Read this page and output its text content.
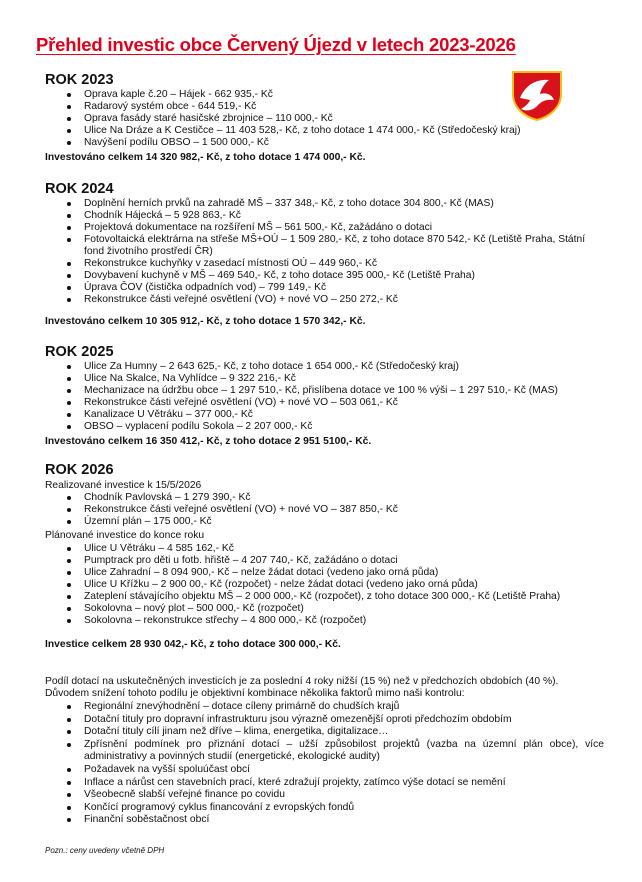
Přehled investic obce Červený Újezd v letech 2023-2026
ROK 2023
Oprava kaple č.20 – Hájek - 662 935,- Kč
Radarový systém obce - 644 519,- Kč
Oprava fasády staré hasičské zbrojnice – 110 000,- Kč
Ulice Na Dráze a K Cestičce – 11 403 528,- Kč, z toho dotace 1 474 000,- Kč (Středočeský kraj)
Navýšení podílu OBSO – 1 500 000,- Kč
Investováno celkem 14 320 982,- Kč, z toho dotace 1 474 000,- Kč.
ROK 2024
Doplnění herních prvků na zahradě MŠ – 337 348,- Kč, z toho dotace 304 800,- Kč (MAS)
Chodník Hájecká – 5 928 863,- Kč
Projektová dokumentace na rozšíření MŠ – 561 500,- Kč, zažádáno o dotaci
Fotovoltaická elektrárna na střeše MŠ+OÚ – 1 509 280,- Kč, z toho dotace 870 542,- Kč (Letiště Praha, Státní fond životního prostředí ČR)
Rekonstrukce kuchyňky v zasedací místnosti OÚ – 449 960,- Kč
Dovybavení kuchyně v MŠ – 469 540,- Kč, z toho dotace 395 000,- Kč (Letiště Praha)
Úprava ČOV (čistička odpadních vod) – 799 149,- Kč
Rekonstrukce části veřejné osvětlení (VO) + nové VO – 250 272,- Kč
Investováno celkem 10 305 912,- Kč, z toho dotace 1 570 342,- Kč.
ROK 2025
Ulice Za Humny – 2 643 625,- Kč, z toho dotace 1 654 000,- Kč (Středočeský kraj)
Ulice Na Skalce, Na Vyhlídce – 9 322 216,- Kč
Mechanizace na údržbu obce – 1 297 510,- Kč, přislíbena dotace ve 100 % výši – 1 297 510,- Kč (MAS)
Rekonstrukce části veřejné osvětlení (VO) + nové VO – 503 061,- Kč
Kanalizace U Větráku – 377 000,- Kč
OBSO – vyplacení podílu Sokola – 2 207 000,- Kč
Investováno celkem 16 350 412,- Kč, z toho dotace 2 951 5100,- Kč.
ROK 2026
Realizované investice k 15/5/2026
Chodník Pavlovská – 1 279 390,- Kč
Rekonstrukce části veřejné osvětlení (VO) + nové VO – 387 850,- Kč
Územní plán – 175 000,- Kč
Plánované investice do konce roku
Ulice U Větráku – 4 585 162,- Kč
Pumptrack pro děti u fotb. hřiště – 4 207 740,- Kč, zažádáno o dotaci
Ulice Zahradní – 8 094 900,- Kč – nelze žádat dotaci (vedeno jako orná půda)
Ulice U Křížku – 2 900 00,- Kč (rozpočet) - nelze žádat dotaci (vedeno jako orná půda)
Zateplení stávajícího objektu MŠ – 2 000 000,- Kč (rozpočet), z toho dotace 300 000,- Kč (Letiště Praha)
Sokolovna – nový plot – 500 000,- Kč (rozpočet)
Sokolovna – rekonstrukce střechy – 4 800 000,- Kč (rozpočet)
Investice celkem 28 930 042,- Kč, z toho dotace 300 000,- Kč.
Podíl dotací na uskutečněných investicích je za poslední 4 roky nižší (15 %) než v předchozích obdobích (40 %).
Důvodem snížení tohoto podílu je objektivní kombinace několika faktorů mimo naši kontrolu:
Regionální znevýhodnění – dotace cíleny primárně do chudších krajů
Dotační tituly pro dopravní infrastrukturu jsou výrazně omezenější oproti předchozím obdobím
Dotační tituly cílí jinam než dříve – klima, energetika, digitalizace…
Zpřísnění podmínek pro přiznání dotací – užší způsobilost projektů (vazba na územní plán obce), více administrativy a povinných studií (energetické, ekologické audity)
Požadavek na vyšší spoluúčast obcí
Inflace a nárůst cen stavebních prací, které zdražují projekty, zatímco výše dotací se nemění
Všeobecně slabší veřejné finance po covidu
Končící programový cyklus financování z evropských fondů
Finanční soběstačnost obcí
Pozn.: ceny uvedeny včetně DPH
